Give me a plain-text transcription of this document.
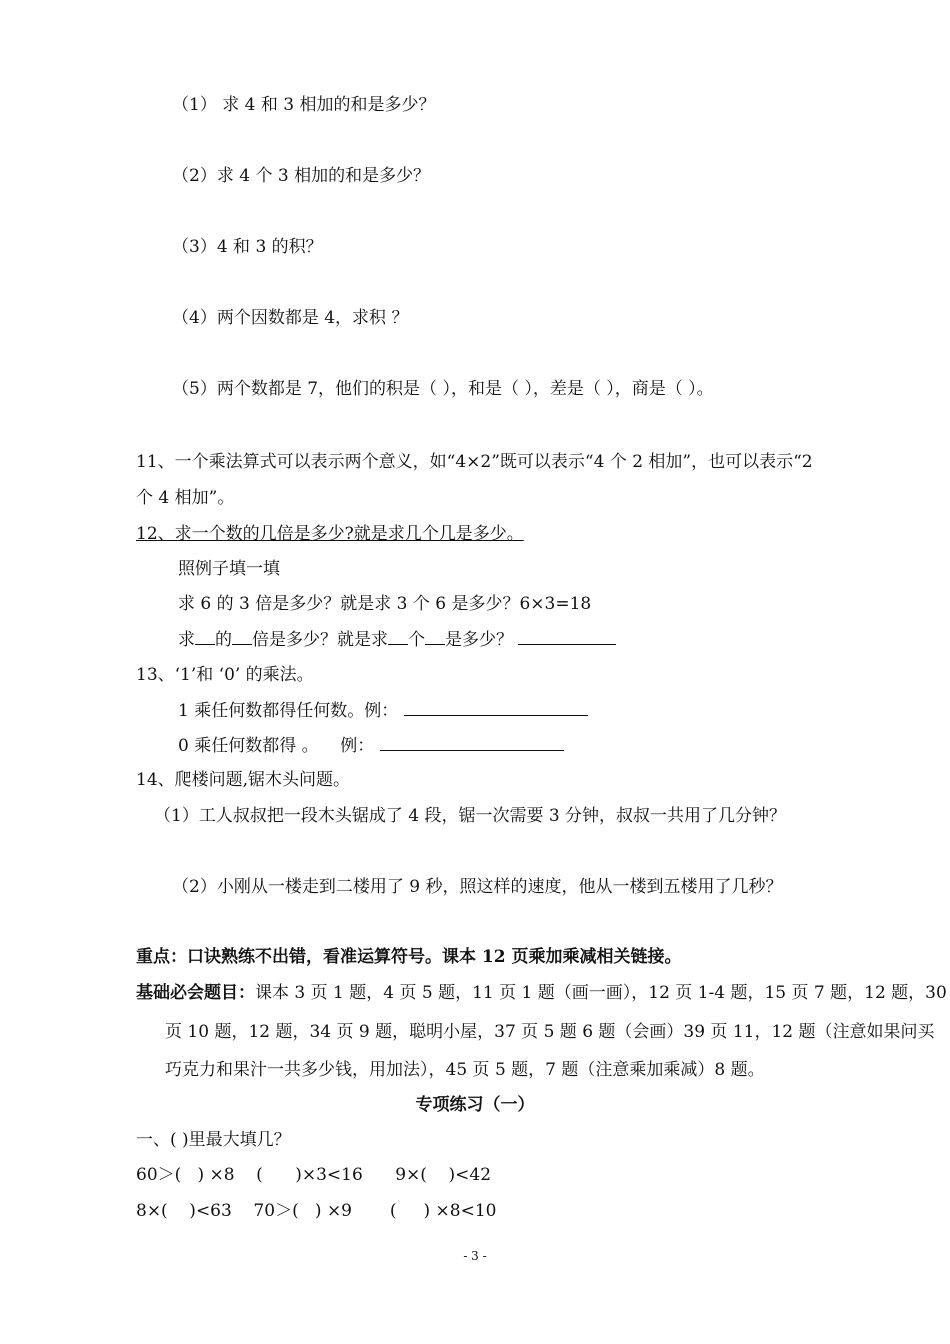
（1） 求 4 和 3 相加的和是多少？
（2）求 4 个 3 相加的和是多少？
（3）4 和 3 的积？
（4）两个因数都是 4，求积 ？
（5）两个数都是 7，他们的积是（ ），和是（ ），差是（ ），商是（ ）。
11、一个乘法算式可以表示两个意义，如“4×2”既可以表示“4 个 2 相加”，也可以表示“2
个 4 相加”。
12、求一个数的几倍是多少?就是求几个几是多少。
照例子填一填
求 6 的 3 倍是多少？就是求 3 个 6 是多少？6×3=18
求 的 倍是多少？就是求 个 是多少？
13、‘1’和 ‘0’ 的乘法。
1 乘任何数都得任何数。例：
0 乘任何数都得 。    例：
14、爬楼问题,锯木头问题。
（1）工人叔叔把一段木头锯成了 4 段，锯一次需要 3 分钟，叔叔一共用了几分钟？
（2）小刚从一楼走到二楼用了 9 秒，照这样的速度，他从一楼到五楼用了几秒？
重点：口诀熟练不出错，看准运算符号。课本 12 页乘加乘减相关链接。
基础必会题目：课本 3 页 1 题，4 页 5 题，11 页 1 题（画一画），12 页 1-4 题，15 页 7 题，12 题，30
页 10 题，12 题，34 页 9 题，聪明小屋，37 页 5 题 6 题（会画）39 页 11，12 题（注意如果问买
巧克力和果汁一共多少钱，用加法），45 页 5 题，7 题（注意乘加乘减）8 题。
专项练习（一）
一、( )里最大填几？
60＞(   ) ×8    (      )×3<16      9×(    )<42
8×(    )<63    70＞(   ) ×9       (     ) ×8<10
- 3 -
